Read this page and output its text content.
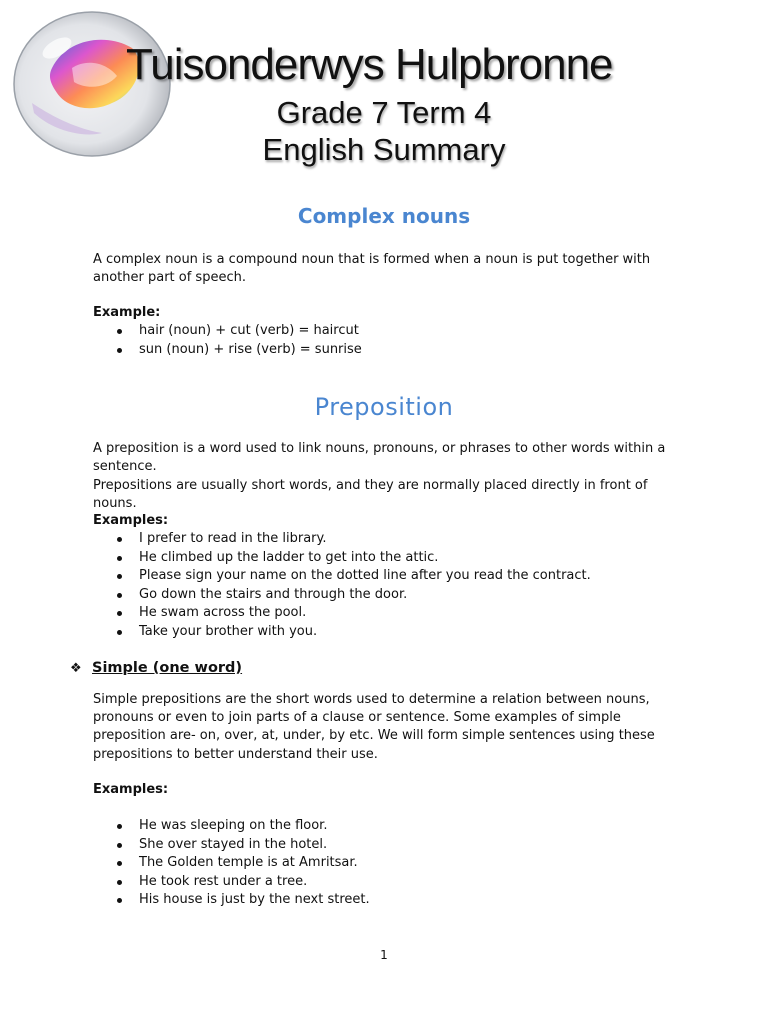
Tuisonderwys Hulpbronne
Grade 7 Term 4
English Summary
Complex nouns
A complex noun is a compound noun that is formed when a noun is put together with another part of speech.
Example:
hair (noun) + cut (verb) = haircut
sun (noun) + rise (verb) = sunrise
Preposition
A preposition is a word used to link nouns, pronouns, or phrases to other words within a sentence.
Prepositions are usually short words, and they are normally placed directly in front of nouns.
Examples:
I prefer to read in the library.
He climbed up the ladder to get into the attic.
Please sign your name on the dotted line after you read the contract.
Go down the stairs and through the door.
He swam across the pool.
Take your brother with you.
❖ Simple (one word)
Simple prepositions are the short words used to determine a relation between nouns, pronouns or even to join parts of a clause or sentence. Some examples of simple preposition are- on, over, at, under, by etc. We will form simple sentences using these prepositions to better understand their use.
Examples:
He was sleeping on the floor.
She over stayed in the hotel.
The Golden temple is at Amritsar.
He took rest under a tree.
His house is just by the next street.
1
